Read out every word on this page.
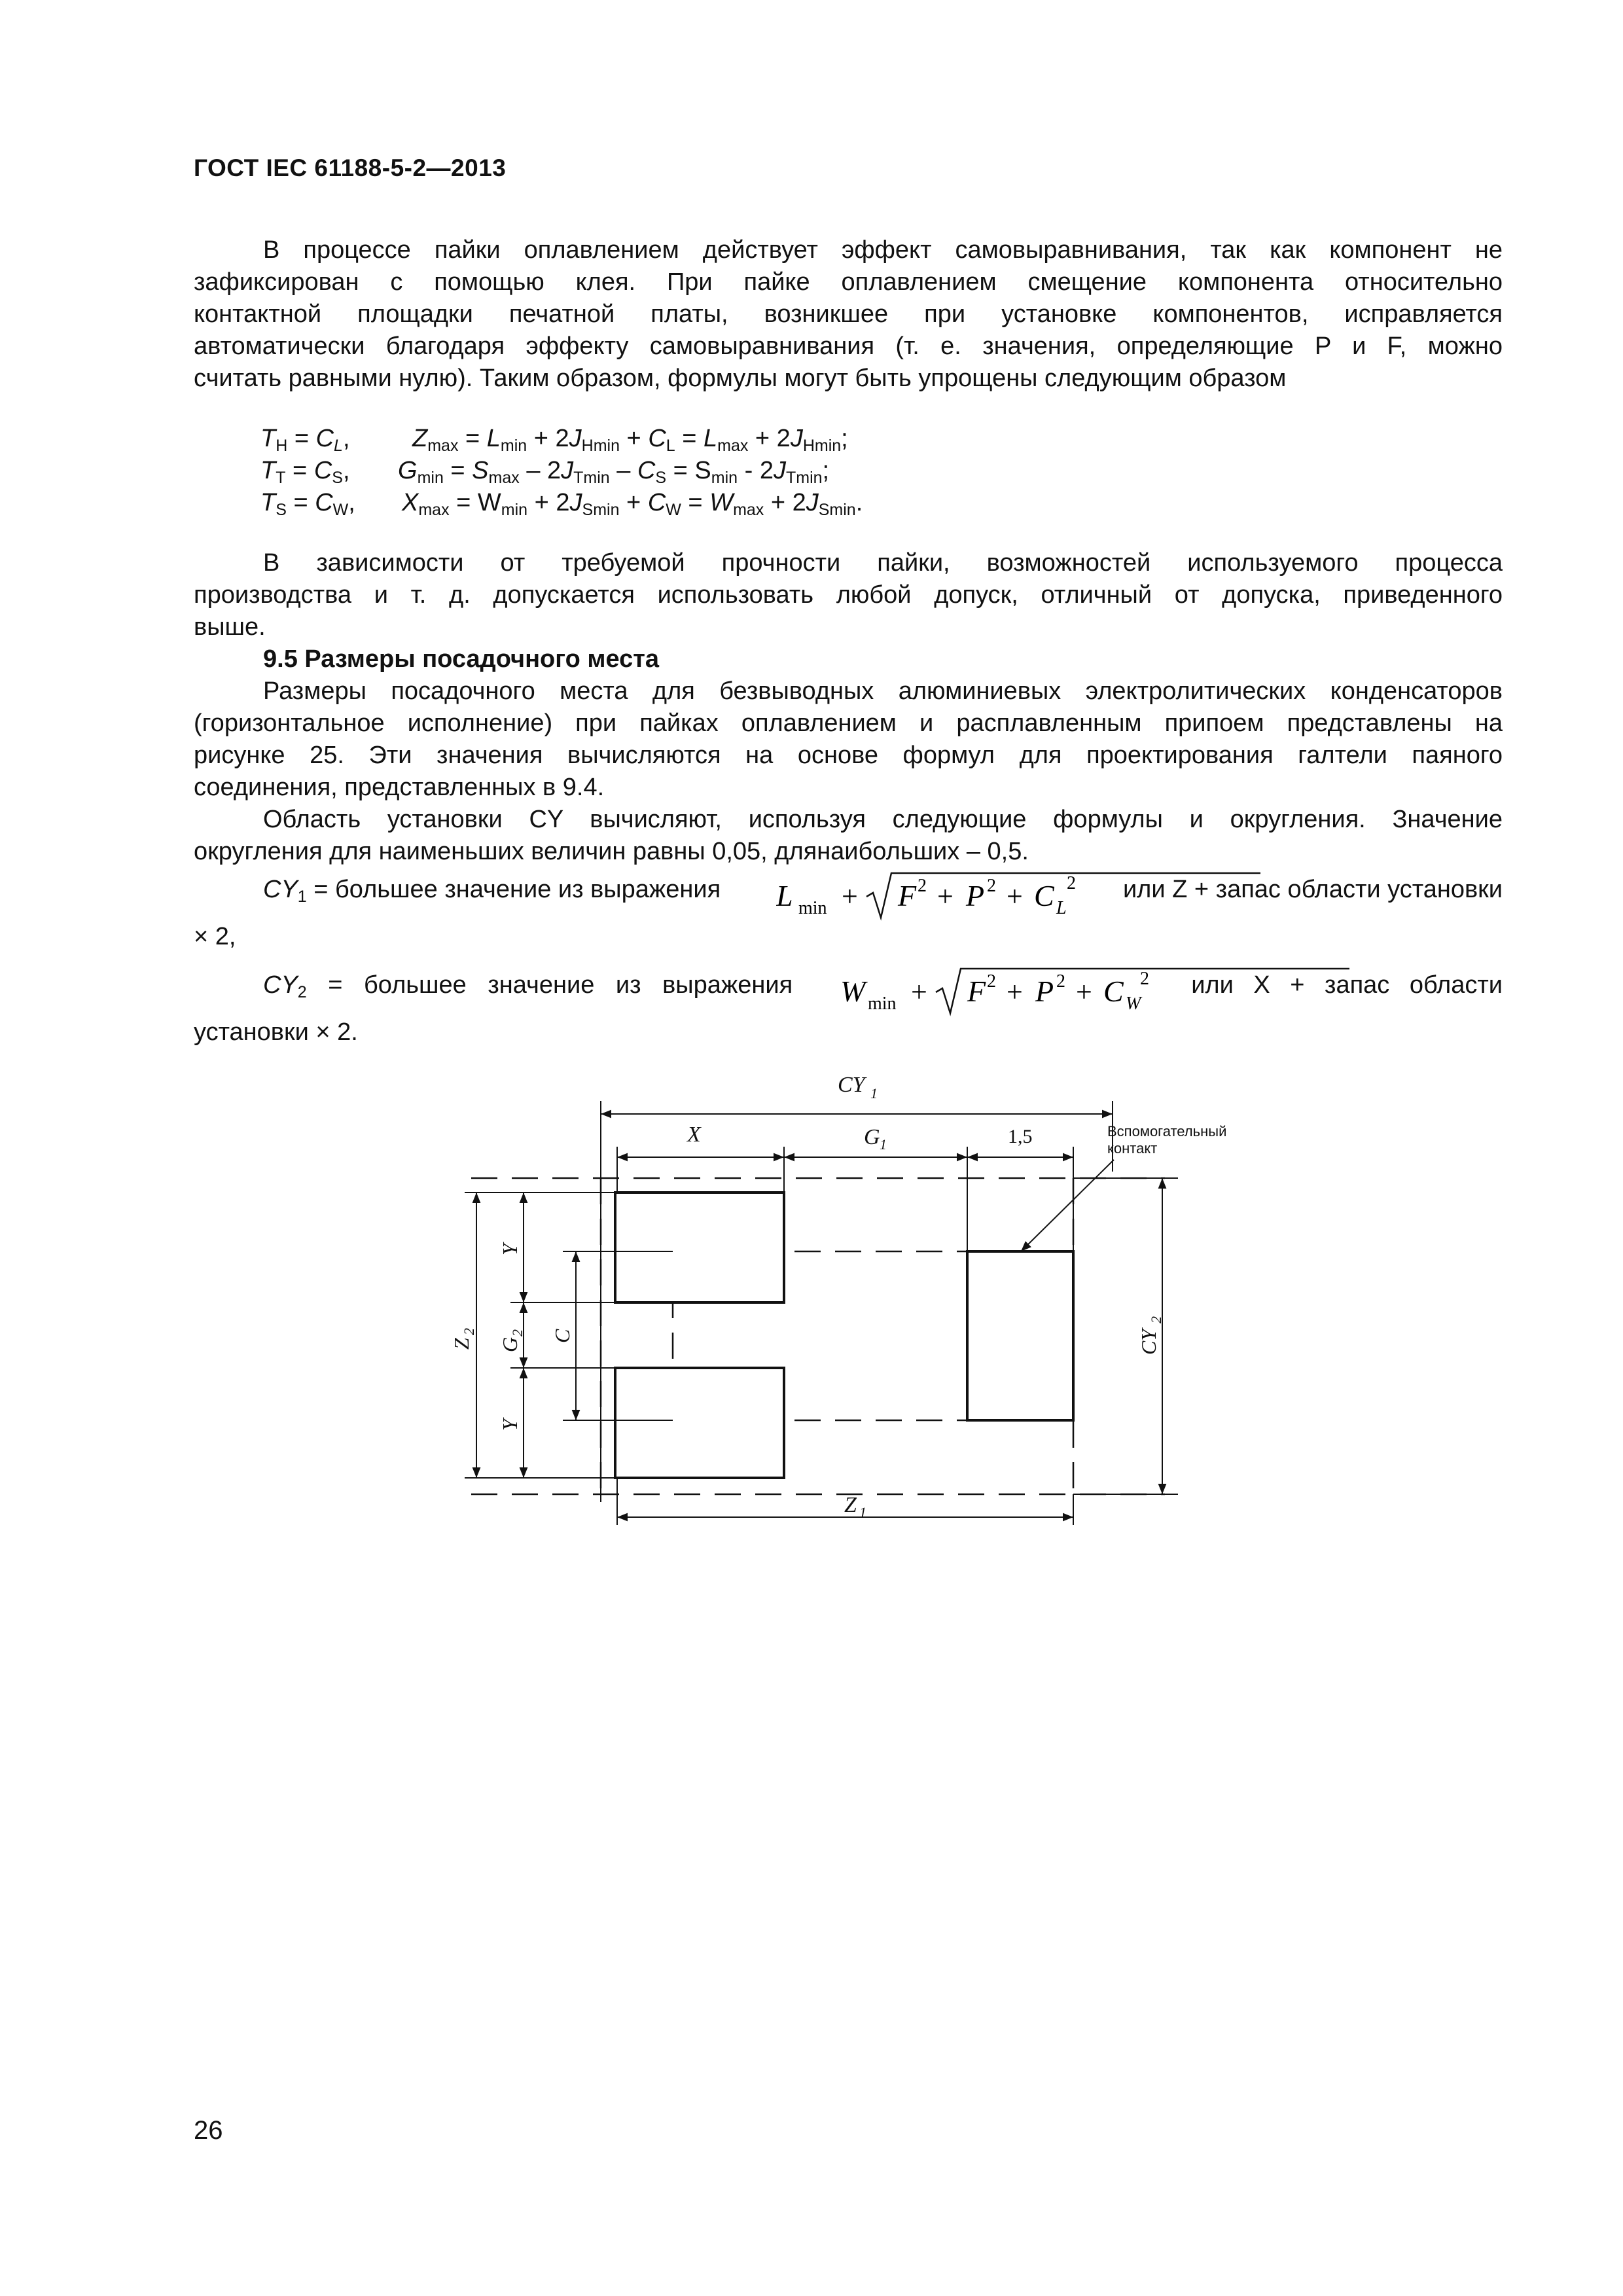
ГОСТ IEC 61188-5-2—2013

В процессе пайки оплавлением действует эффект самовыравнивания, так как компонент не

зафиксирован с помощью клея. При пайке оплавлением смещение компонента относительно

контактной площадки печатной платы, возникшее при установке компонентов, исправляется

автоматически благодаря эффекту самовыравнивания (т. е. значения, определяющие P и F, можно

считать равными нулю). Таким образом, формулы могут быть упрощены следующим образом

$T_H = C_L$,	$Z_{max} = L_{min} + 2J_{Hmin} + C_L = L_{max} + 2J_{Hmin}$;
$T_T = C_S$, $G_{min} = S_{max} - 2J_{Tmin} - C_S = S_{min} - 2J_{Tmin}$;
$T_S = C_W$, $X_{max} = W_{min} + 2J_{Smin} + C_W = W_{max} + 2J_{Smin}$.

В зависимости от требуемой прочности пайки, возможностей используемого процесса

производства и т. д. допускается использовать любой допуск, отличный от допуска, приведенного

выше.

9.5 Размеры посадочного места

Размеры посадочного места для безвыводных алюминиевых электролитических конденсаторов

(горизонтальное исполнение) при пайках оплавлением и расплавленным припоем представлены на

рисунке 25. Эти значения вычисляются на основе формул для проектирования галтели паяного

соединения, представленных в 9.4.

Область установки CY вычисляют, используя следующие формулы и округления. Значение

округления для наименьших величин равны 0,05, длянаибольших – 0,5.

$CY_1$ = большее значение из выражения L min + F 2 + P 2 + C L
2 или Z + запас области установки

× 2,

$CY_2$ = большее значение из выражения W min + F 2 + P 2 + C W
2 или X + запас области

установки × 2.

CY 1
X	G 1	1,5
Z 1
Вспомогательный
контакт
Y
Y
Z
2
G
2 C	CY
2
26
